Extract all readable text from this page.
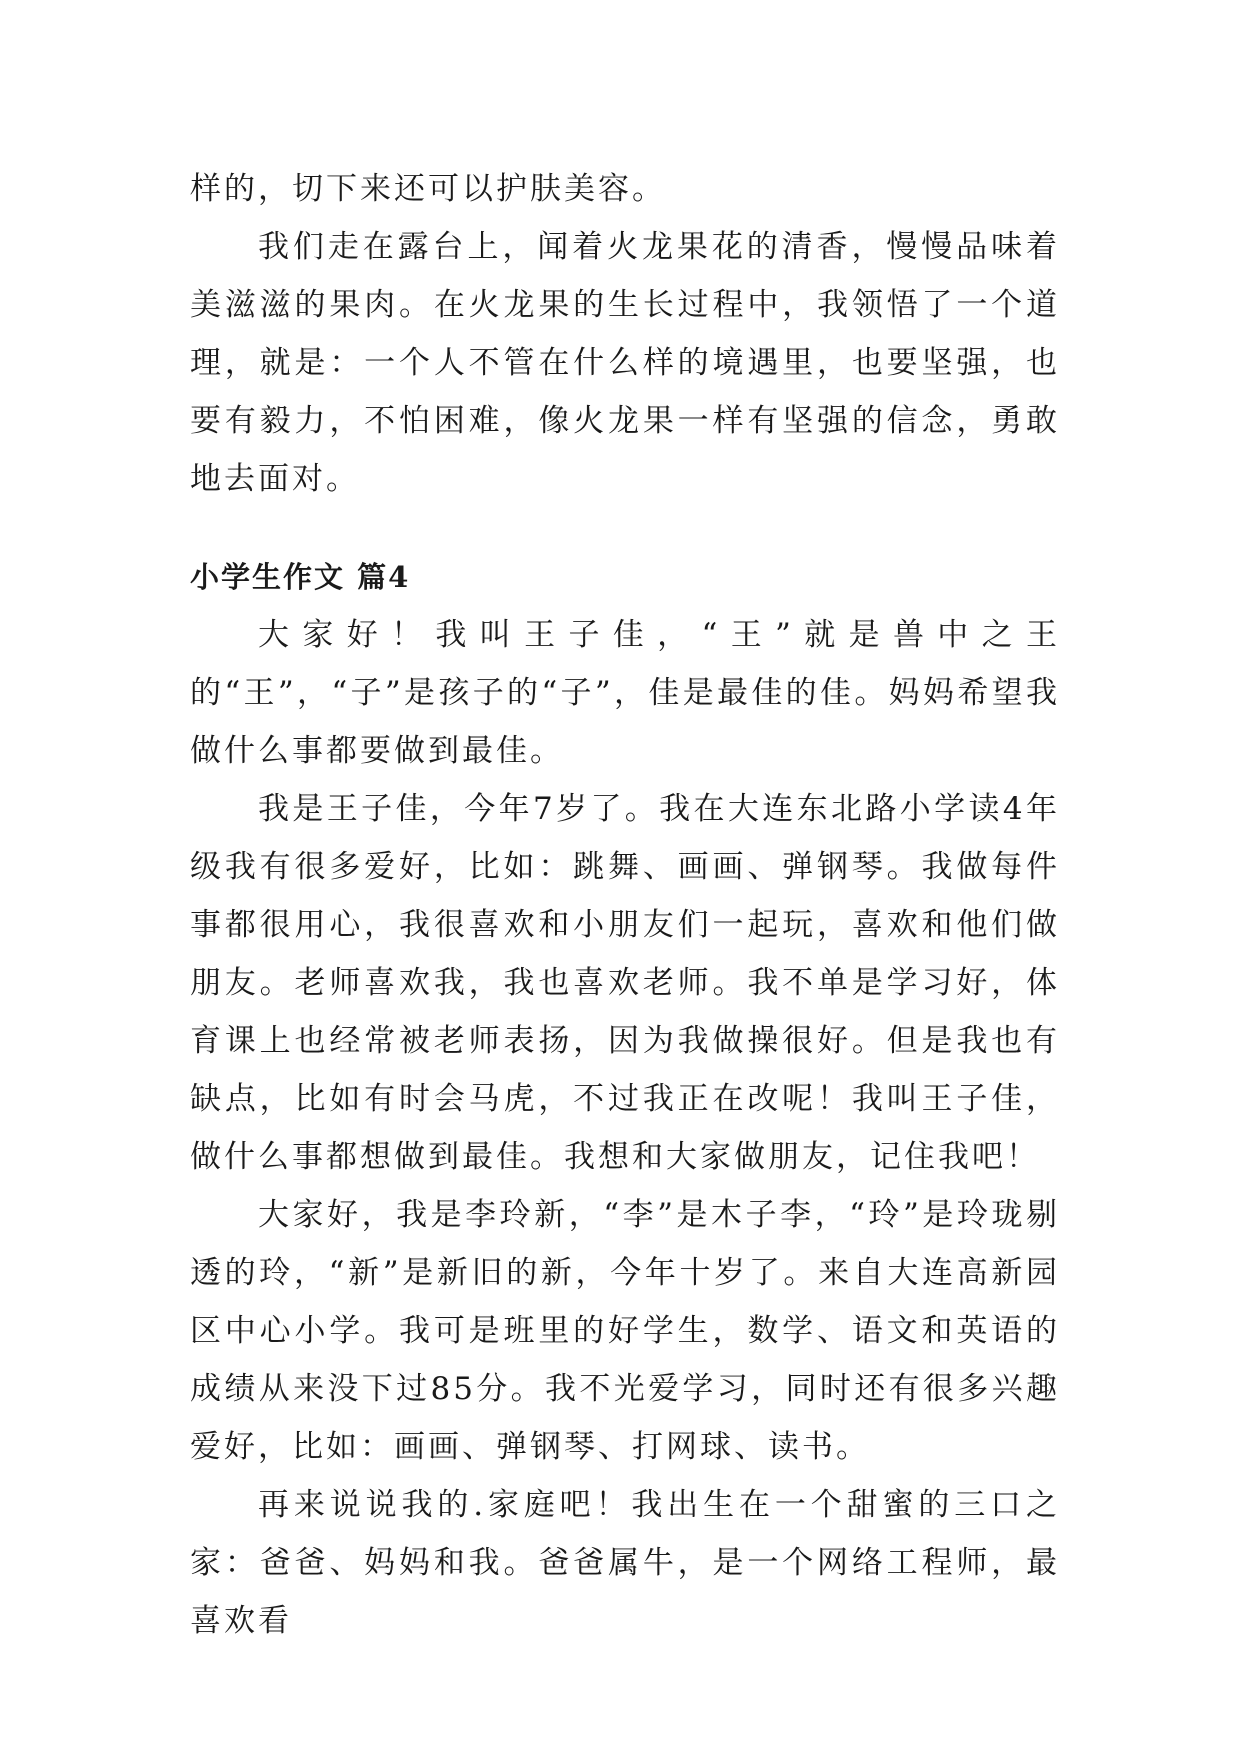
样的，切下来还可以护肤美容。

我们走在露台上，闻着火龙果花的清香，慢慢品味着美滋滋的果肉。在火龙果的生长过程中，我领悟了一个道理，就是：一个人不管在什么样的境遇里，也要坚强，也要有毅力，不怕困难，像火龙果一样有坚强的信念，勇敢地去面对。

小学生作文 篇4

大家好！我叫王子佳，“王”就是兽中之王的“王”，“子”是孩子的“子”，佳是最佳的佳。妈妈希望我做什么事都要做到最佳。

我是王子佳，今年7岁了。我在大连东北路小学读4年级我有很多爱好，比如：跳舞、画画、弹钢琴。我做每件事都很用心，我很喜欢和小朋友们一起玩，喜欢和他们做朋友。老师喜欢我，我也喜欢老师。我不单是学习好，体育课上也经常被老师表扬，因为我做操很好。但是我也有缺点，比如有时会马虎，不过我正在改呢！我叫王子佳，做什么事都想做到最佳。我想和大家做朋友，记住我吧！

大家好，我是李玲新，“李”是木子李，“玲”是玲珑剔透的玲，“新”是新旧的新，今年十岁了。来自大连高新园区中心小学。我可是班里的好学生，数学、语文和英语的成绩从来没下过85分。我不光爱学习，同时还有很多兴趣爱好，比如：画画、弹钢琴、打网球、读书。

再来说说我的.家庭吧！我出生在一个甜蜜的三口之家：爸爸、妈妈和我。爸爸属牛，是一个网络工程师，最喜欢看
